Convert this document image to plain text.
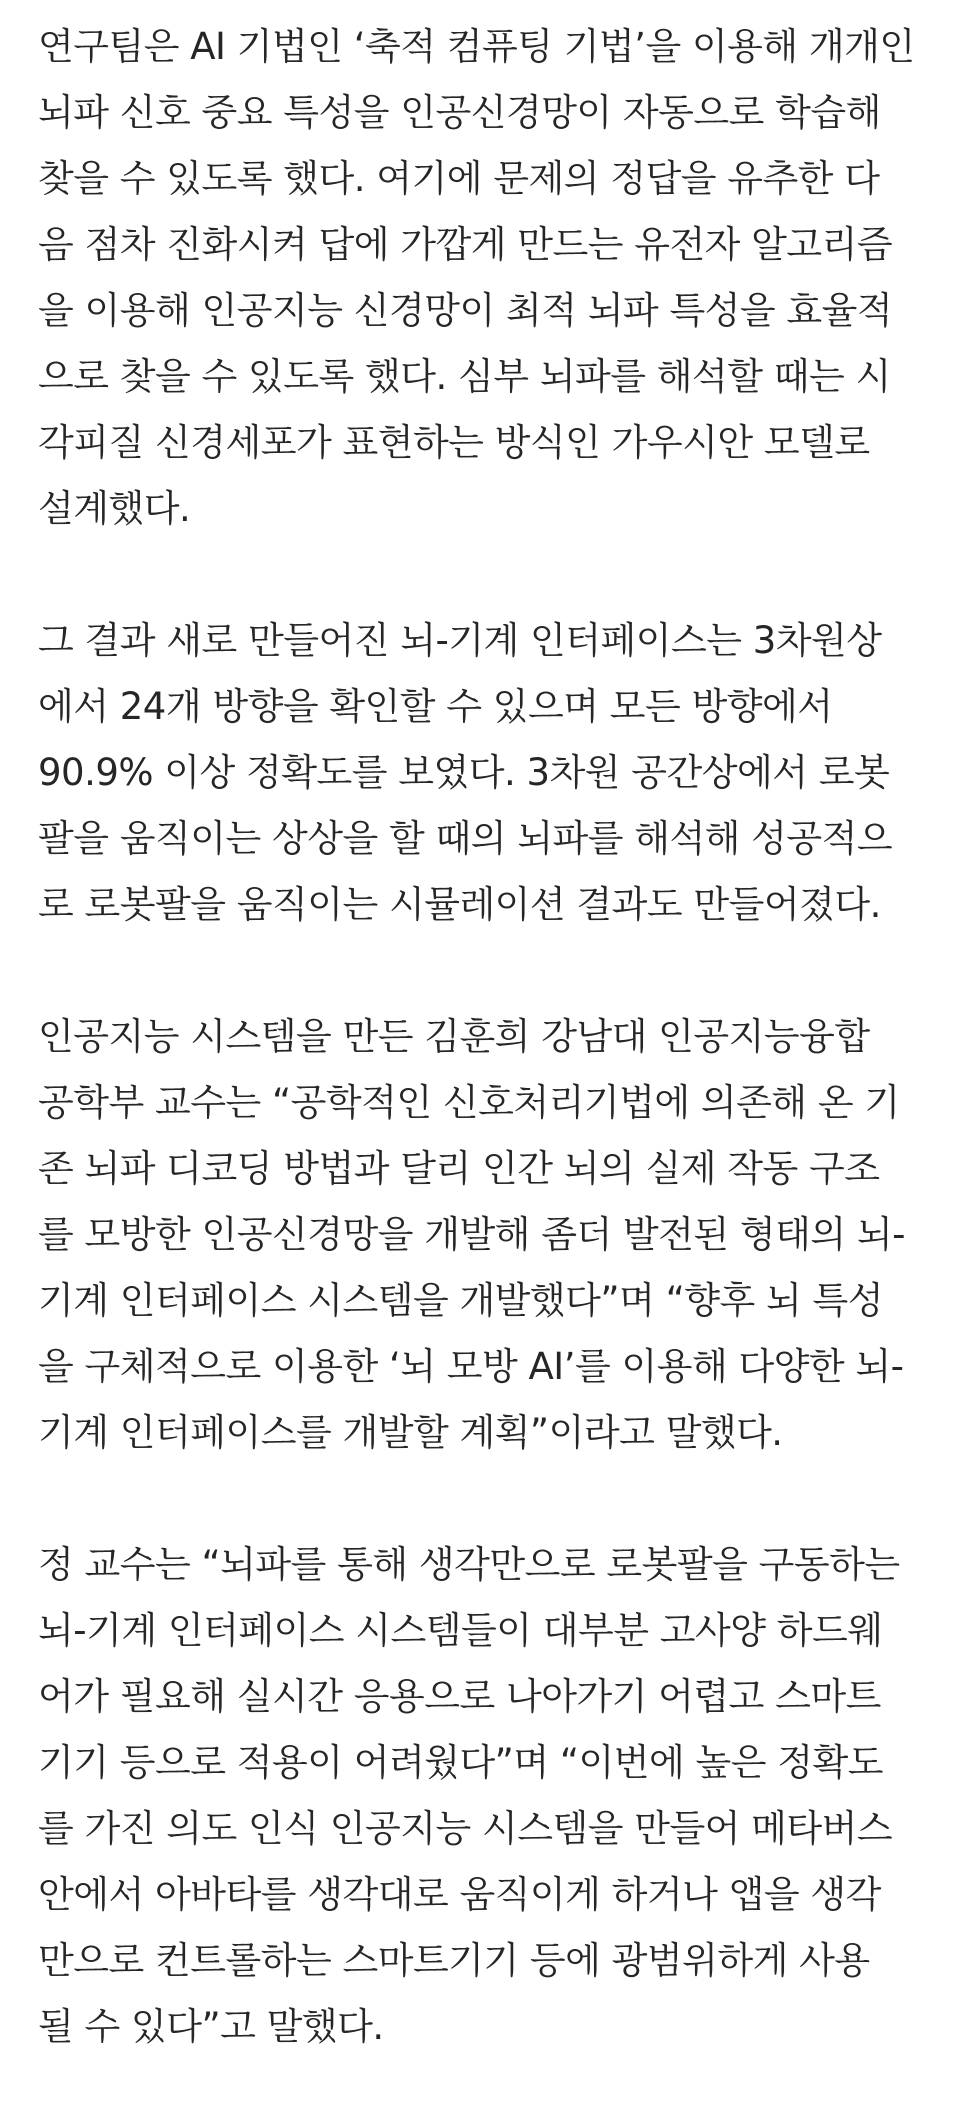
연구팀은 AI 기법인 ‘축적 컴퓨팅 기법’을 이용해 개개인
뇌파 신호 중요 특성을 인공신경망이 자동으로 학습해
찾을 수 있도록 했다. 여기에 문제의 정답을 유추한 다
음 점차 진화시켜 답에 가깝게 만드는 유전자 알고리즘
을 이용해 인공지능 신경망이 최적 뇌파 특성을 효율적
으로 찾을 수 있도록 했다. 심부 뇌파를 해석할 때는 시
각피질 신경세포가 표현하는 방식인 가우시안 모델로
설계했다.
그 결과 새로 만들어진 뇌-기계 인터페이스는 3차원상
에서 24개 방향을 확인할 수 있으며 모든 방향에서
90.9% 이상 정확도를 보였다. 3차원 공간상에서 로봇
팔을 움직이는 상상을 할 때의 뇌파를 해석해 성공적으
로 로봇팔을 움직이는 시뮬레이션 결과도 만들어졌다.
인공지능 시스템을 만든 김훈희 강남대 인공지능융합
공학부 교수는 “공학적인 신호처리기법에 의존해 온 기
존 뇌파 디코딩 방법과 달리 인간 뇌의 실제 작동 구조
를 모방한 인공신경망을 개발해 좀더 발전된 형태의 뇌-
기계 인터페이스 시스템을 개발했다”며 “향후 뇌 특성
을 구체적으로 이용한 ‘뇌 모방 AI’를 이용해 다양한 뇌-
기계 인터페이스를 개발할 계획”이라고 말했다.
정 교수는 “뇌파를 통해 생각만으로 로봇팔을 구동하는
뇌-기계 인터페이스 시스템들이 대부분 고사양 하드웨
어가 필요해 실시간 응용으로 나아가기 어렵고 스마트
기기 등으로 적용이 어려웠다”며 “이번에 높은 정확도
를 가진 의도 인식 인공지능 시스템을 만들어 메타버스
안에서 아바타를 생각대로 움직이게 하거나 앱을 생각
만으로 컨트롤하는 스마트기기 등에 광범위하게 사용
될 수 있다”고 말했다.
